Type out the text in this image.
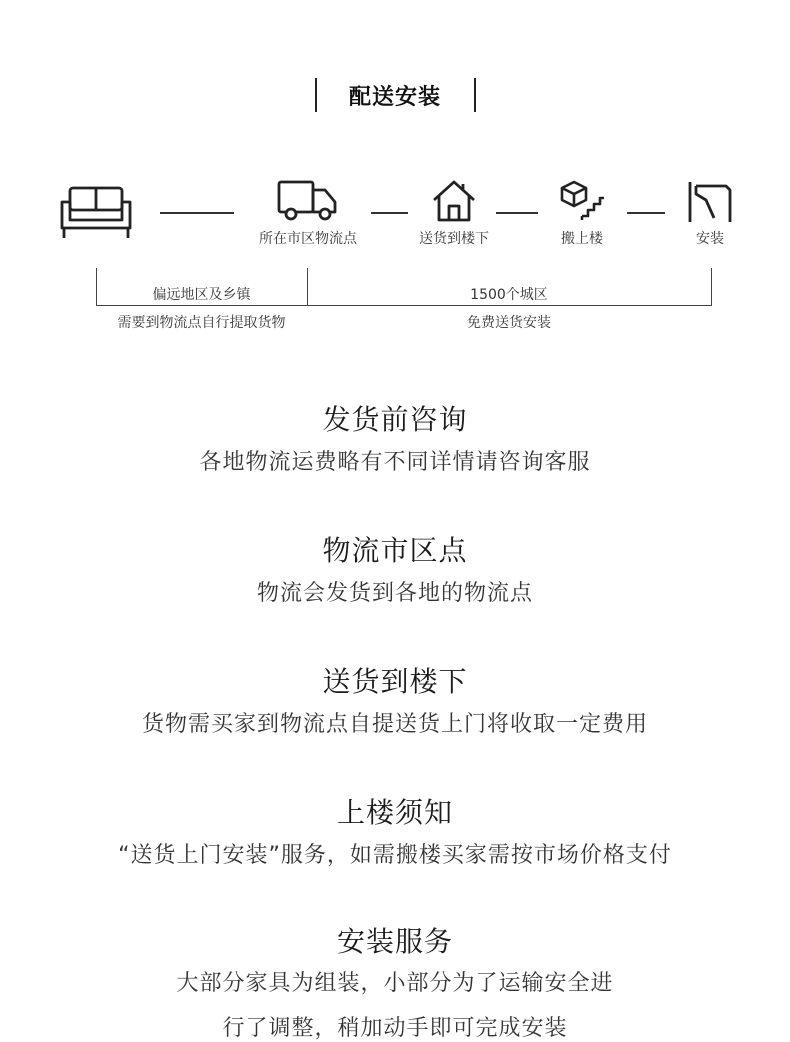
配送安装
所在市区物流点	送货到楼下	搬上楼	安装
偏远地区及乡镇
需要到物流点自行提取货物
1500个城区
免费送货安装
发货前咨询
各地物流运费略有不同详情请咨询客服
物流市区点
物流会发货到各地的物流点
送货到楼下
货物需买家到物流点自提送货上门将收取一定费用
上楼须知
“送货上门安装”服务，如需搬楼买家需按市场价格支付
安装服务
大部分家具为组装，小部分为了运输安全进
行了调整，稍加动手即可完成安装
